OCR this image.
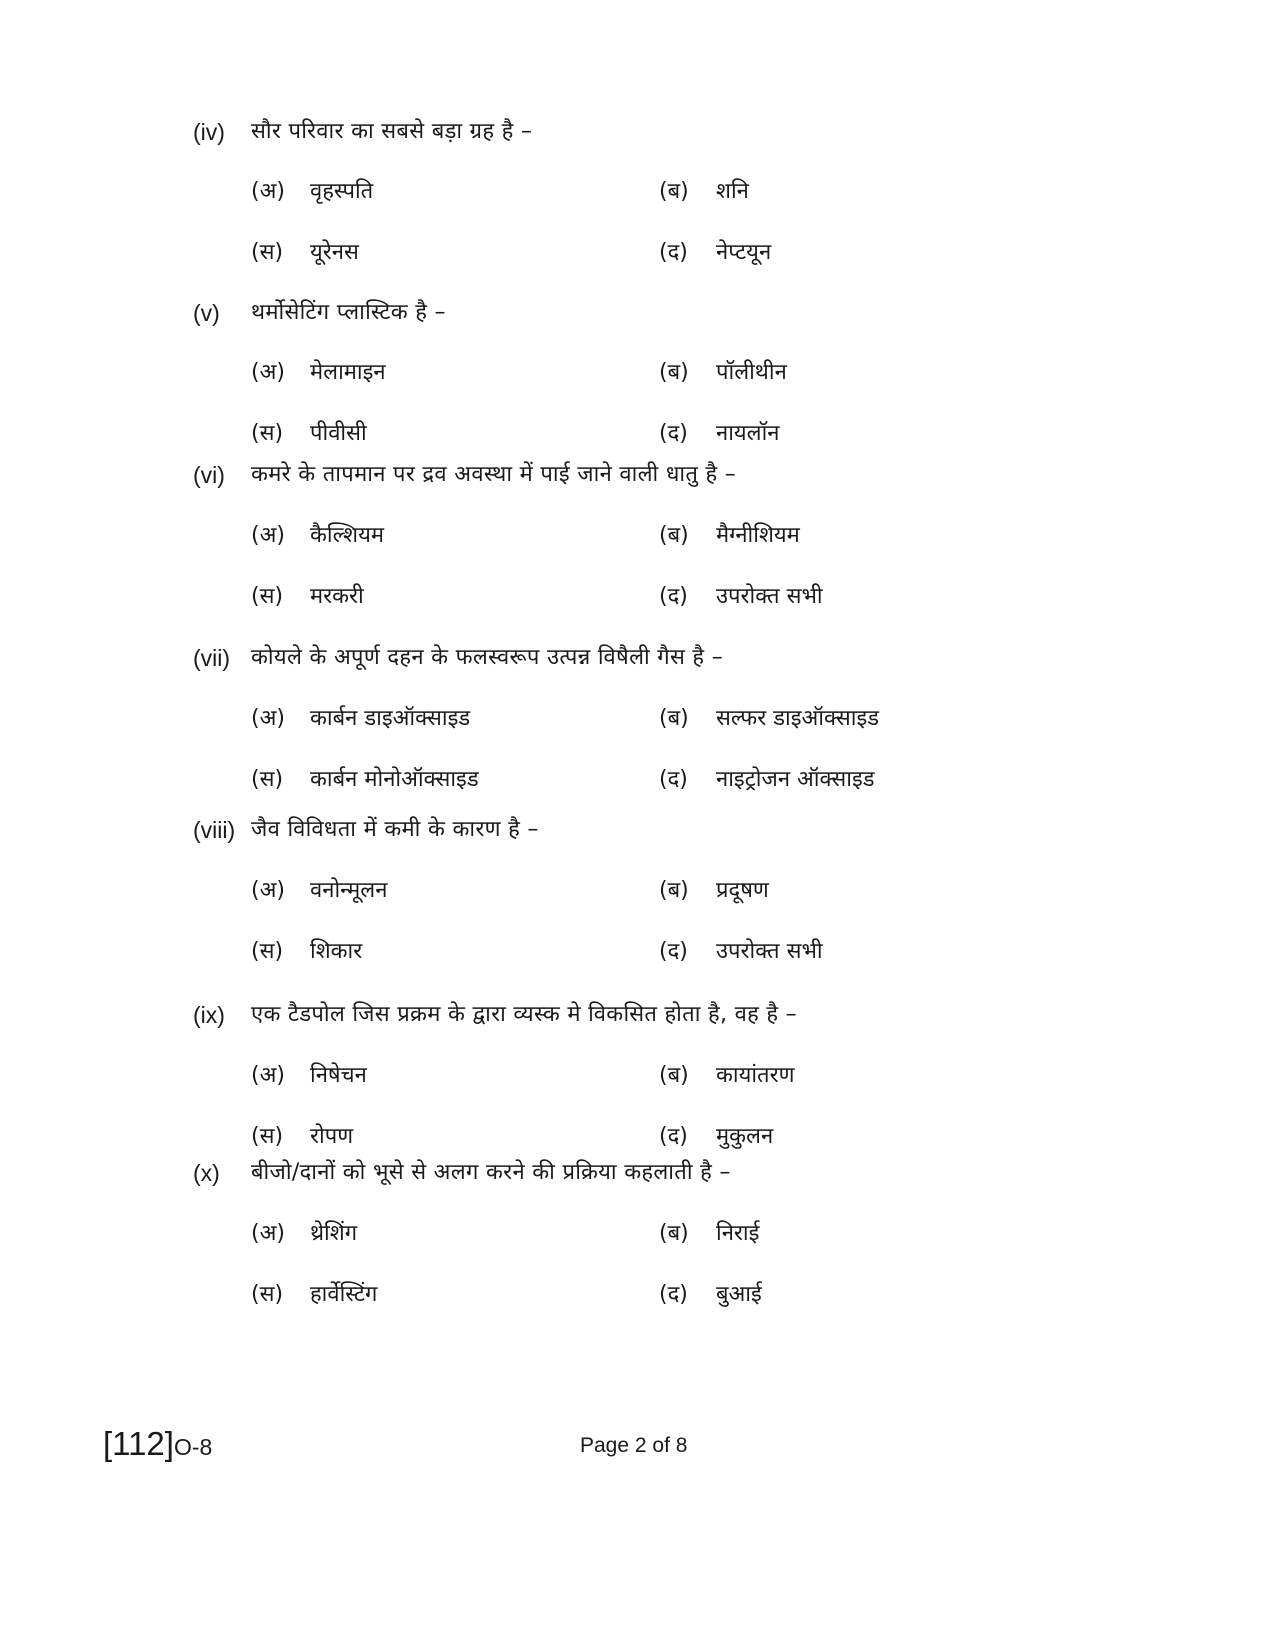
(iv) सौर परिवार का सबसे बड़ा ग्रह है –
(अ) वृहस्पति	(ब) शनि
(स) यूरेनस	(द) नेप्टयून
(v) थर्मोसेटिंग प्लास्टिक है –
(अ) मेलामाइन	(ब) पॉलीथीन
(स) पीवीसी	(द) नायलॉन
(vi) कमरे के तापमान पर द्रव अवस्था में पाई जाने वाली धातु है –
(अ) कैल्शियम	(ब) मैग्नीशियम
(स) मरकरी	(द) उपरोक्त सभी
(vii) कोयले के अपूर्ण दहन के फलस्वरूप उत्पन्न विषैली गैस है –
(अ) कार्बन डाइऑक्साइड	(ब) सल्फर डाइऑक्साइड
(स) कार्बन मोनोऑक्साइड	(द) नाइट्रोजन ऑक्साइड
(viii) जैव विविधता में कमी के कारण है –
(अ) वनोन्मूलन	(ब) प्रदूषण
(स) शिकार	(द) उपरोक्त सभी
(ix) एक टैडपोल जिस प्रक्रम के द्वारा व्यस्क मे विकसित होता है, वह है –
(अ) निषेचन	(ब) कायांतरण
(स) रोपण	(द) मुकुलन
(x) बीजो/दानों को भूसे से अलग करने की प्रक्रिया कहलाती है –
(अ) थ्रेशिंग	(ब) निराई
(स) हार्वेस्टिंग	(द) बुआई
[112]O-8	Page 2 of 8
